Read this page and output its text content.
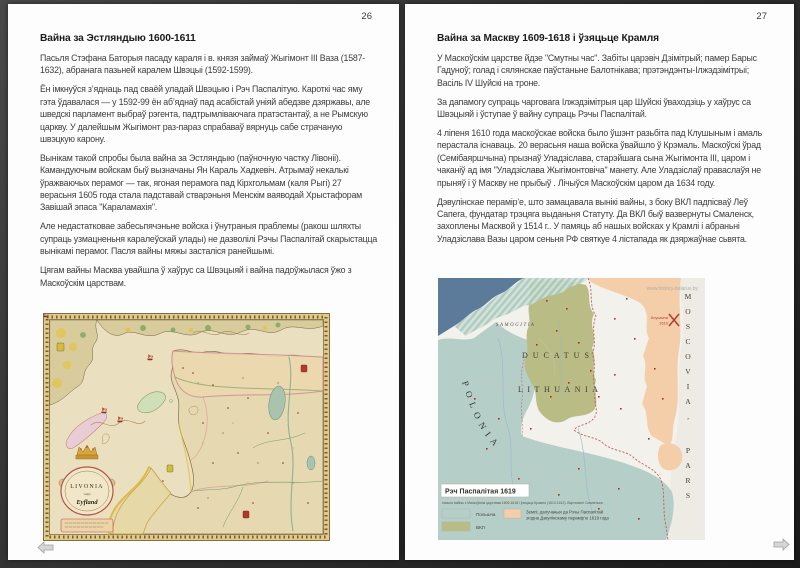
26
Вайна за Эстляндыю 1600-1611

Пасьля Стэфана Баторыя пасаду караля і в. князя займаў Жыгімонт III Ваза (1587-1632), абранага пазьней каралем Швэцыі (1592-1599).

Ён імкнуўся з’яднаць пад сваёй уладай Швэцыю і Рэч Паспалітую. Кароткі час яму гэта ўдавалася — у 1592-99 ён аб’яднаў пад асабістай уніяй абедзве дзяржавы, але шведскі парламент выбраў рэгента, падтрымліваючага пратэстантаў, а не Рымскую царкву. У далейшым Жыгімонт раз-параз спрабаваў вярнуць сабе страчаную швэцкую карону.

Вынікам такой спробы была вайна за Эстляндыю (паўночную частку Лівоніі). Камандуючым войскам быў вызначаны Ян Караль Хадкевіч. Атрымаў некалькі ўражваючых перамог — так, ягоная перамога пад Кірхгольмам (каля Рыгі) 27 верасьня 1605 года стала падставай стварэньня Менскім ваяводай Хрыстафорам Завішай эпаса "Караламахія".

Але недастатковае забесьпячэньне войска і ўнутраныя праблемы (ракош шляхты супраць узмацненьня каралеўскай улады) не дазволілі Рэчы Паспалітай скарыстацца вынікамі перамог. Пасля вайны мяжы засталіся ранейшымі.

Цягам вайны Масква увайшла ў хаўрус са Швэцыяй і вайна падоўжылася ўжо з Маскоўскім царствам.

LIVONIA
vulgo
Eyfland
27
Вайна за Маскву 1609-1618 і ўзяцьце Крамля

У Маскоўскім царстве йдзе "Смутны час". Забіты царэвіч Дзімітрый; памер Барыс Гадуноў; голад і сялянскае паўстаньне Балотнікава; прэтэндэнты-Ілжэдзімітрыі; Васіль IV Шуйскі на троне.

За дапамогу супраць чарговага Ілжэдзімітрыя цар Шуйскі ўваходзіць у хаўрус са Швэцыяй і ўступае ў вайну супраць Рэчы Паспалітай.

4 ліпеня 1610 года маскоўскае войска было ўшэнт разьбіта пад Клушыным і амаль перастала існаваць. 20 верасьня наша войска ўвайшло ў Крэмаль. Маскоўскі ўрад (Семібаяршчына) прызнаў Уладзіслава, старэйшага сына Жыгімонта III, царом і чаканіў ад імя "Уладзіслава Жыгімонтовіча" манету. Але Уладзіслаў праваслаўя не прыняў і ў Маскву не прыбыў . Лічыўся Маскоўскім царом да 1634 году.

Дэвулінскае перамір’е, што замацавала вынікі вайны, з боку ВКЛ падпісваў Леў Сапега, фундатар трэцяга выданьня Статуту. Да ВКЛ быў вазвернуты Смаленск, захоплены Масквой у 1514 г.. У памяць аб нашых войсках у Крамлі і абраньні Уладзіслава Вазы царом сеньня РФ святкуе 4 лістапада як дзяржаўнае сьвята.

SAMOGITIA
DUCATUS
LITHUANIA
POLONIA
MOSCOVIA,
PARS
Клушына
1610
www.history-belarus.by
Рэч Паспалітая 1619
пасьля вайны з Маскоўскім царствам 1609-1618 і ўзяцьця Крамля (1610-1612). Вяртаньне Смаленска
Польшча	Землі, далучаныя да Рэчы Паспалітай
згодна Дэвулінскаму перамір’ю 1619 года
ВКЛ
